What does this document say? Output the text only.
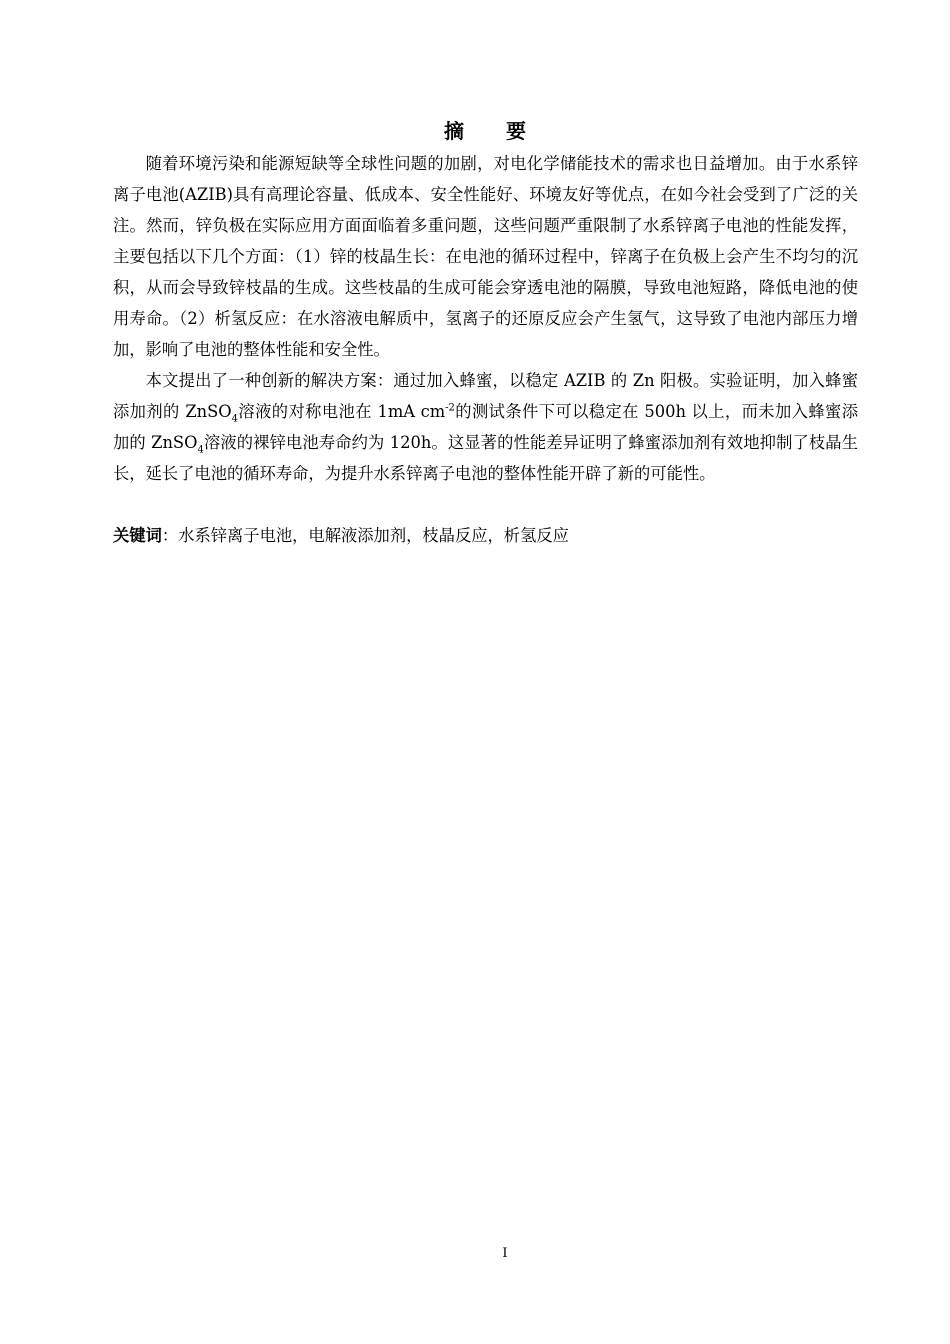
摘 要

随着环境污染和能源短缺等全球性问题的加剧，对电化学储能技术的需求也日益增加。由于水系锌离子电池(AZIB)具有高理论容量、低成本、安全性能好、环境友好等优点，在如今社会受到了广泛的关注。然而，锌负极在实际应用方面面临着多重问题，这些问题严重限制了水系锌离子电池的性能发挥，主要包括以下几个方面：（1）锌的枝晶生长：在电池的循环过程中，锌离子在负极上会产生不均匀的沉积，从而会导致锌枝晶的生成。这些枝晶的生成可能会穿透电池的隔膜，导致电池短路，降低电池的使用寿命。（2）析氢反应：在水溶液电解质中，氢离子的还原反应会产生氢气，这导致了电池内部压力增加，影响了电池的整体性能和安全性。

本文提出了一种创新的解决方案：通过加入蜂蜜，以稳定 AZIB 的 Zn 阳极。实验证明，加入蜂蜜添加剂的 ZnSO$_4$溶液的对称电池在 1mA $cm^{-2}$的测试条件下可以稳定在 500h 以上，而未加入蜂蜜添加的 ZnSO$_4$溶液的裸锌电池寿命约为 120h。这显著的性能差异证明了蜂蜜添加剂有效地抑制了枝晶生长，延长了电池的循环寿命，为提升水系锌离子电池的整体性能开辟了新的可能性。

关键词：水系锌离子电池，电解液添加剂，枝晶反应，析氢反应

I
